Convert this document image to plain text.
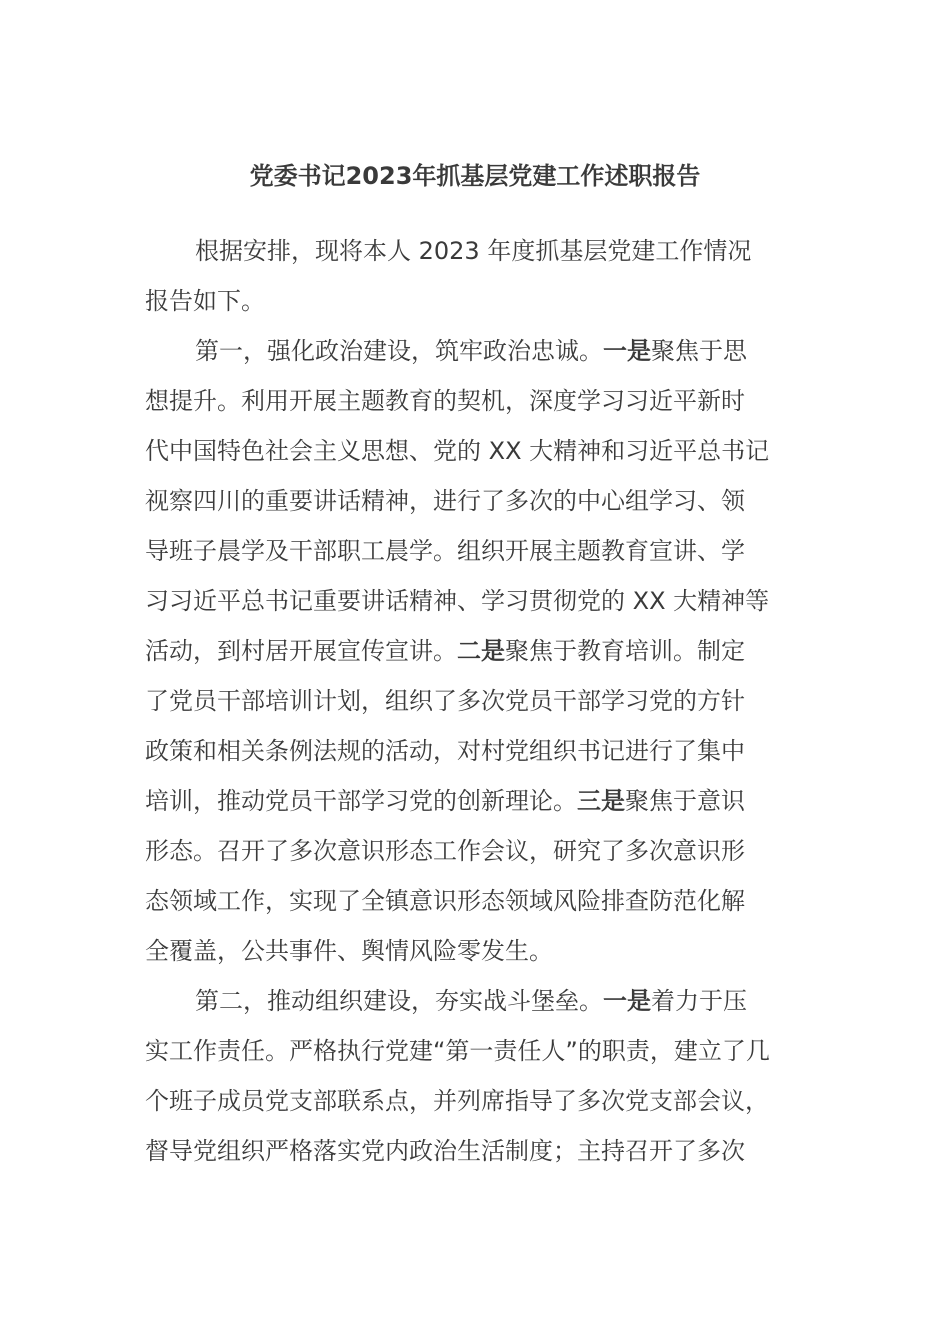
党委书记2023年抓基层党建工作述职报告
根据安排，现将本人 2023 年度抓基层党建工作情况
报告如下。
第一，强化政治建设，筑牢政治忠诚。一是聚焦于思
想提升。利用开展主题教育的契机，深度学习习近平新时
代中国特色社会主义思想、党的 XX 大精神和习近平总书记
视察四川的重要讲话精神，进行了多次的中心组学习、领
导班子晨学及干部职工晨学。组织开展主题教育宣讲、学
习习近平总书记重要讲话精神、学习贯彻党的 XX 大精神等
活动，到村居开展宣传宣讲。二是聚焦于教育培训。制定
了党员干部培训计划，组织了多次党员干部学习党的方针
政策和相关条例法规的活动，对村党组织书记进行了集中
培训，推动党员干部学习党的创新理论。三是聚焦于意识
形态。召开了多次意识形态工作会议，研究了多次意识形
态领域工作，实现了全镇意识形态领域风险排查防范化解
全覆盖，公共事件、舆情风险零发生。
第二，推动组织建设，夯实战斗堡垒。一是着力于压
实工作责任。严格执行党建“第一责任人”的职责，建立了几
个班子成员党支部联系点，并列席指导了多次党支部会议，
督导党组织严格落实党内政治生活制度；主持召开了多次
